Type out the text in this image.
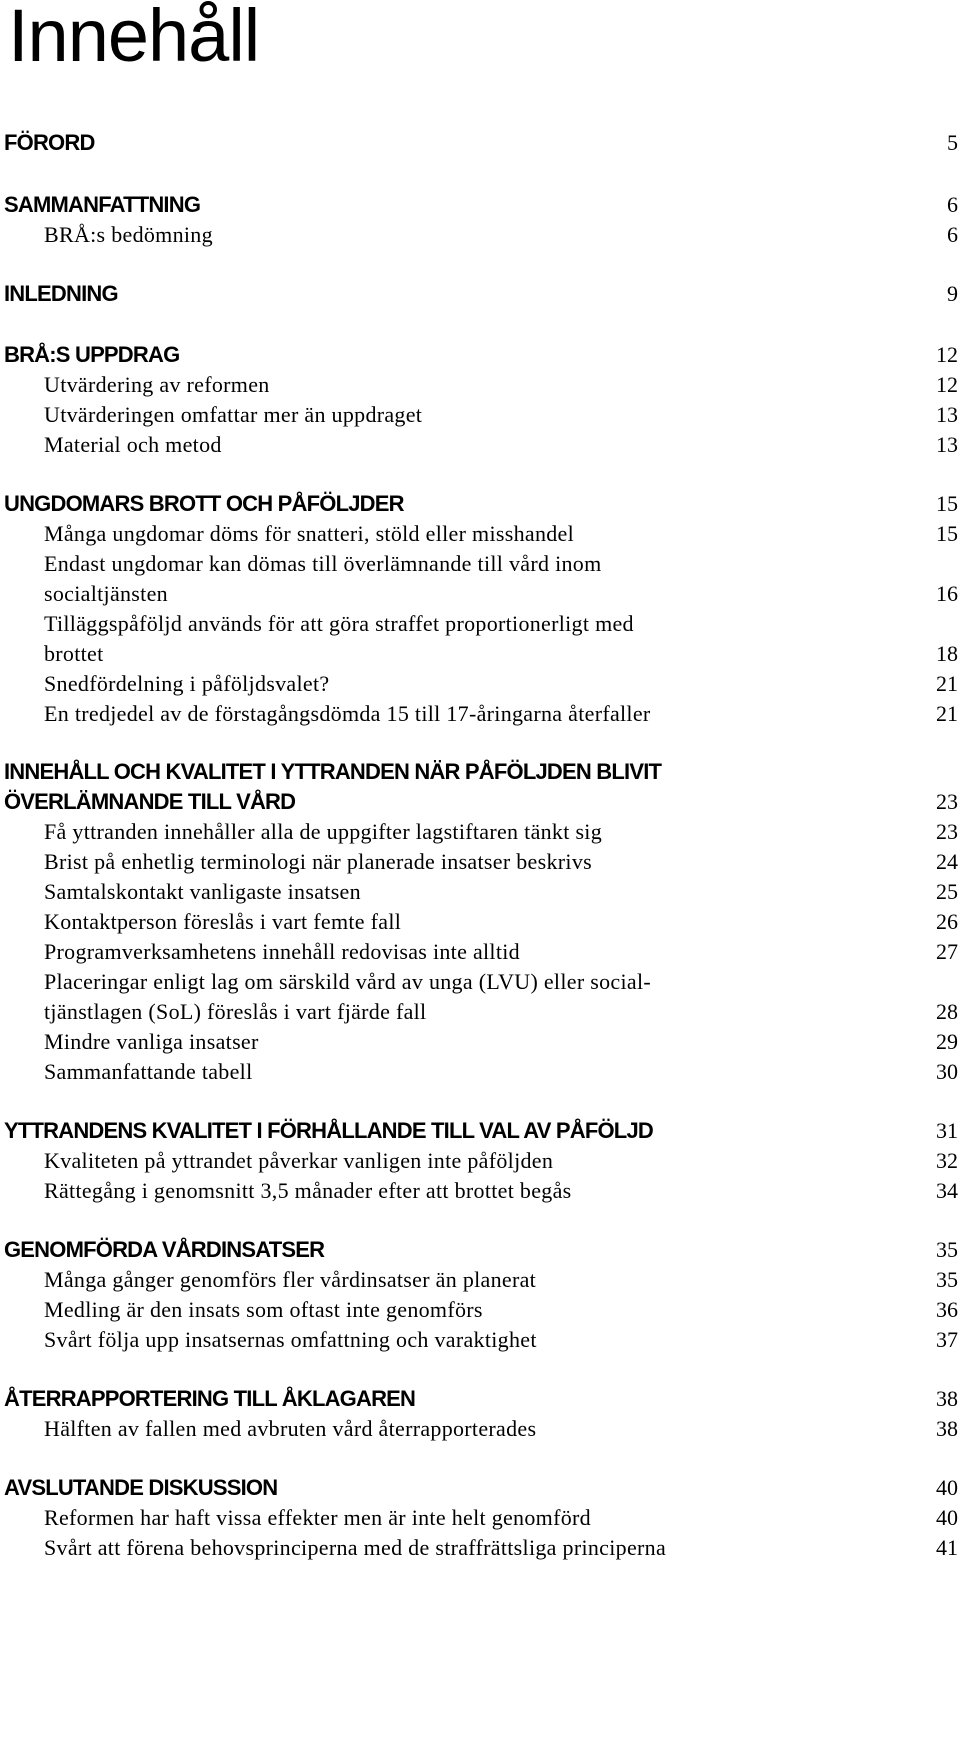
Innehåll
FÖRORD	5
SAMMANFATTNING	6
BRÅ:s bedömning	6
INLEDNING	9
BRÅ:S UPPDRAG	12
Utvärdering av reformen	12
Utvärderingen omfattar mer än uppdraget	13
Material och metod	13
UNGDOMARS BROTT OCH PÅFÖLJDER	15
Många ungdomar döms för snatteri, stöld eller misshandel	15
Endast ungdomar kan dömas till överlämnande till vård inom
socialtjänsten	16
Tilläggspåföljd används för att göra straffet proportionerligt med
brottet	18
Snedfördelning i påföljdsvalet?	21
En tredjedel av de förstagångsdömda 15 till 17-åringarna återfaller	21
INNEHÅLL OCH KVALITET I YTTRANDEN NÄR PÅFÖLJDEN BLIVIT
ÖVERLÄMNANDE TILL VÅRD	23
Få yttranden innehåller alla de uppgifter lagstiftaren tänkt sig	23
Brist på enhetlig terminologi när planerade insatser beskrivs	24
Samtalskontakt vanligaste insatsen	25
Kontaktperson föreslås i vart femte fall	26
Programverksamhetens innehåll redovisas inte alltid	27
Placeringar enligt lag om särskild vård av unga (LVU) eller social-
tjänstlagen (SoL) föreslås i vart fjärde fall	28
Mindre vanliga insatser	29
Sammanfattande tabell	30
YTTRANDENS KVALITET I FÖRHÅLLANDE TILL VAL AV PÅFÖLJD	31
Kvaliteten på yttrandet påverkar vanligen inte påföljden	32
Rättegång i genomsnitt 3,5 månader efter att brottet begås	34
GENOMFÖRDA VÅRDINSATSER	35
Många gånger genomförs fler vårdinsatser än planerat	35
Medling är den insats som oftast inte genomförs	36
Svårt följa upp insatsernas omfattning och varaktighet	37
ÅTERRAPPORTERING TILL ÅKLAGAREN	38
Hälften av fallen med avbruten vård återrapporterades	38
AVSLUTANDE DISKUSSION	40
Reformen har haft vissa effekter men är inte helt genomförd	40
Svårt att förena behovsprinciperna med de straffrättsliga principerna	41
